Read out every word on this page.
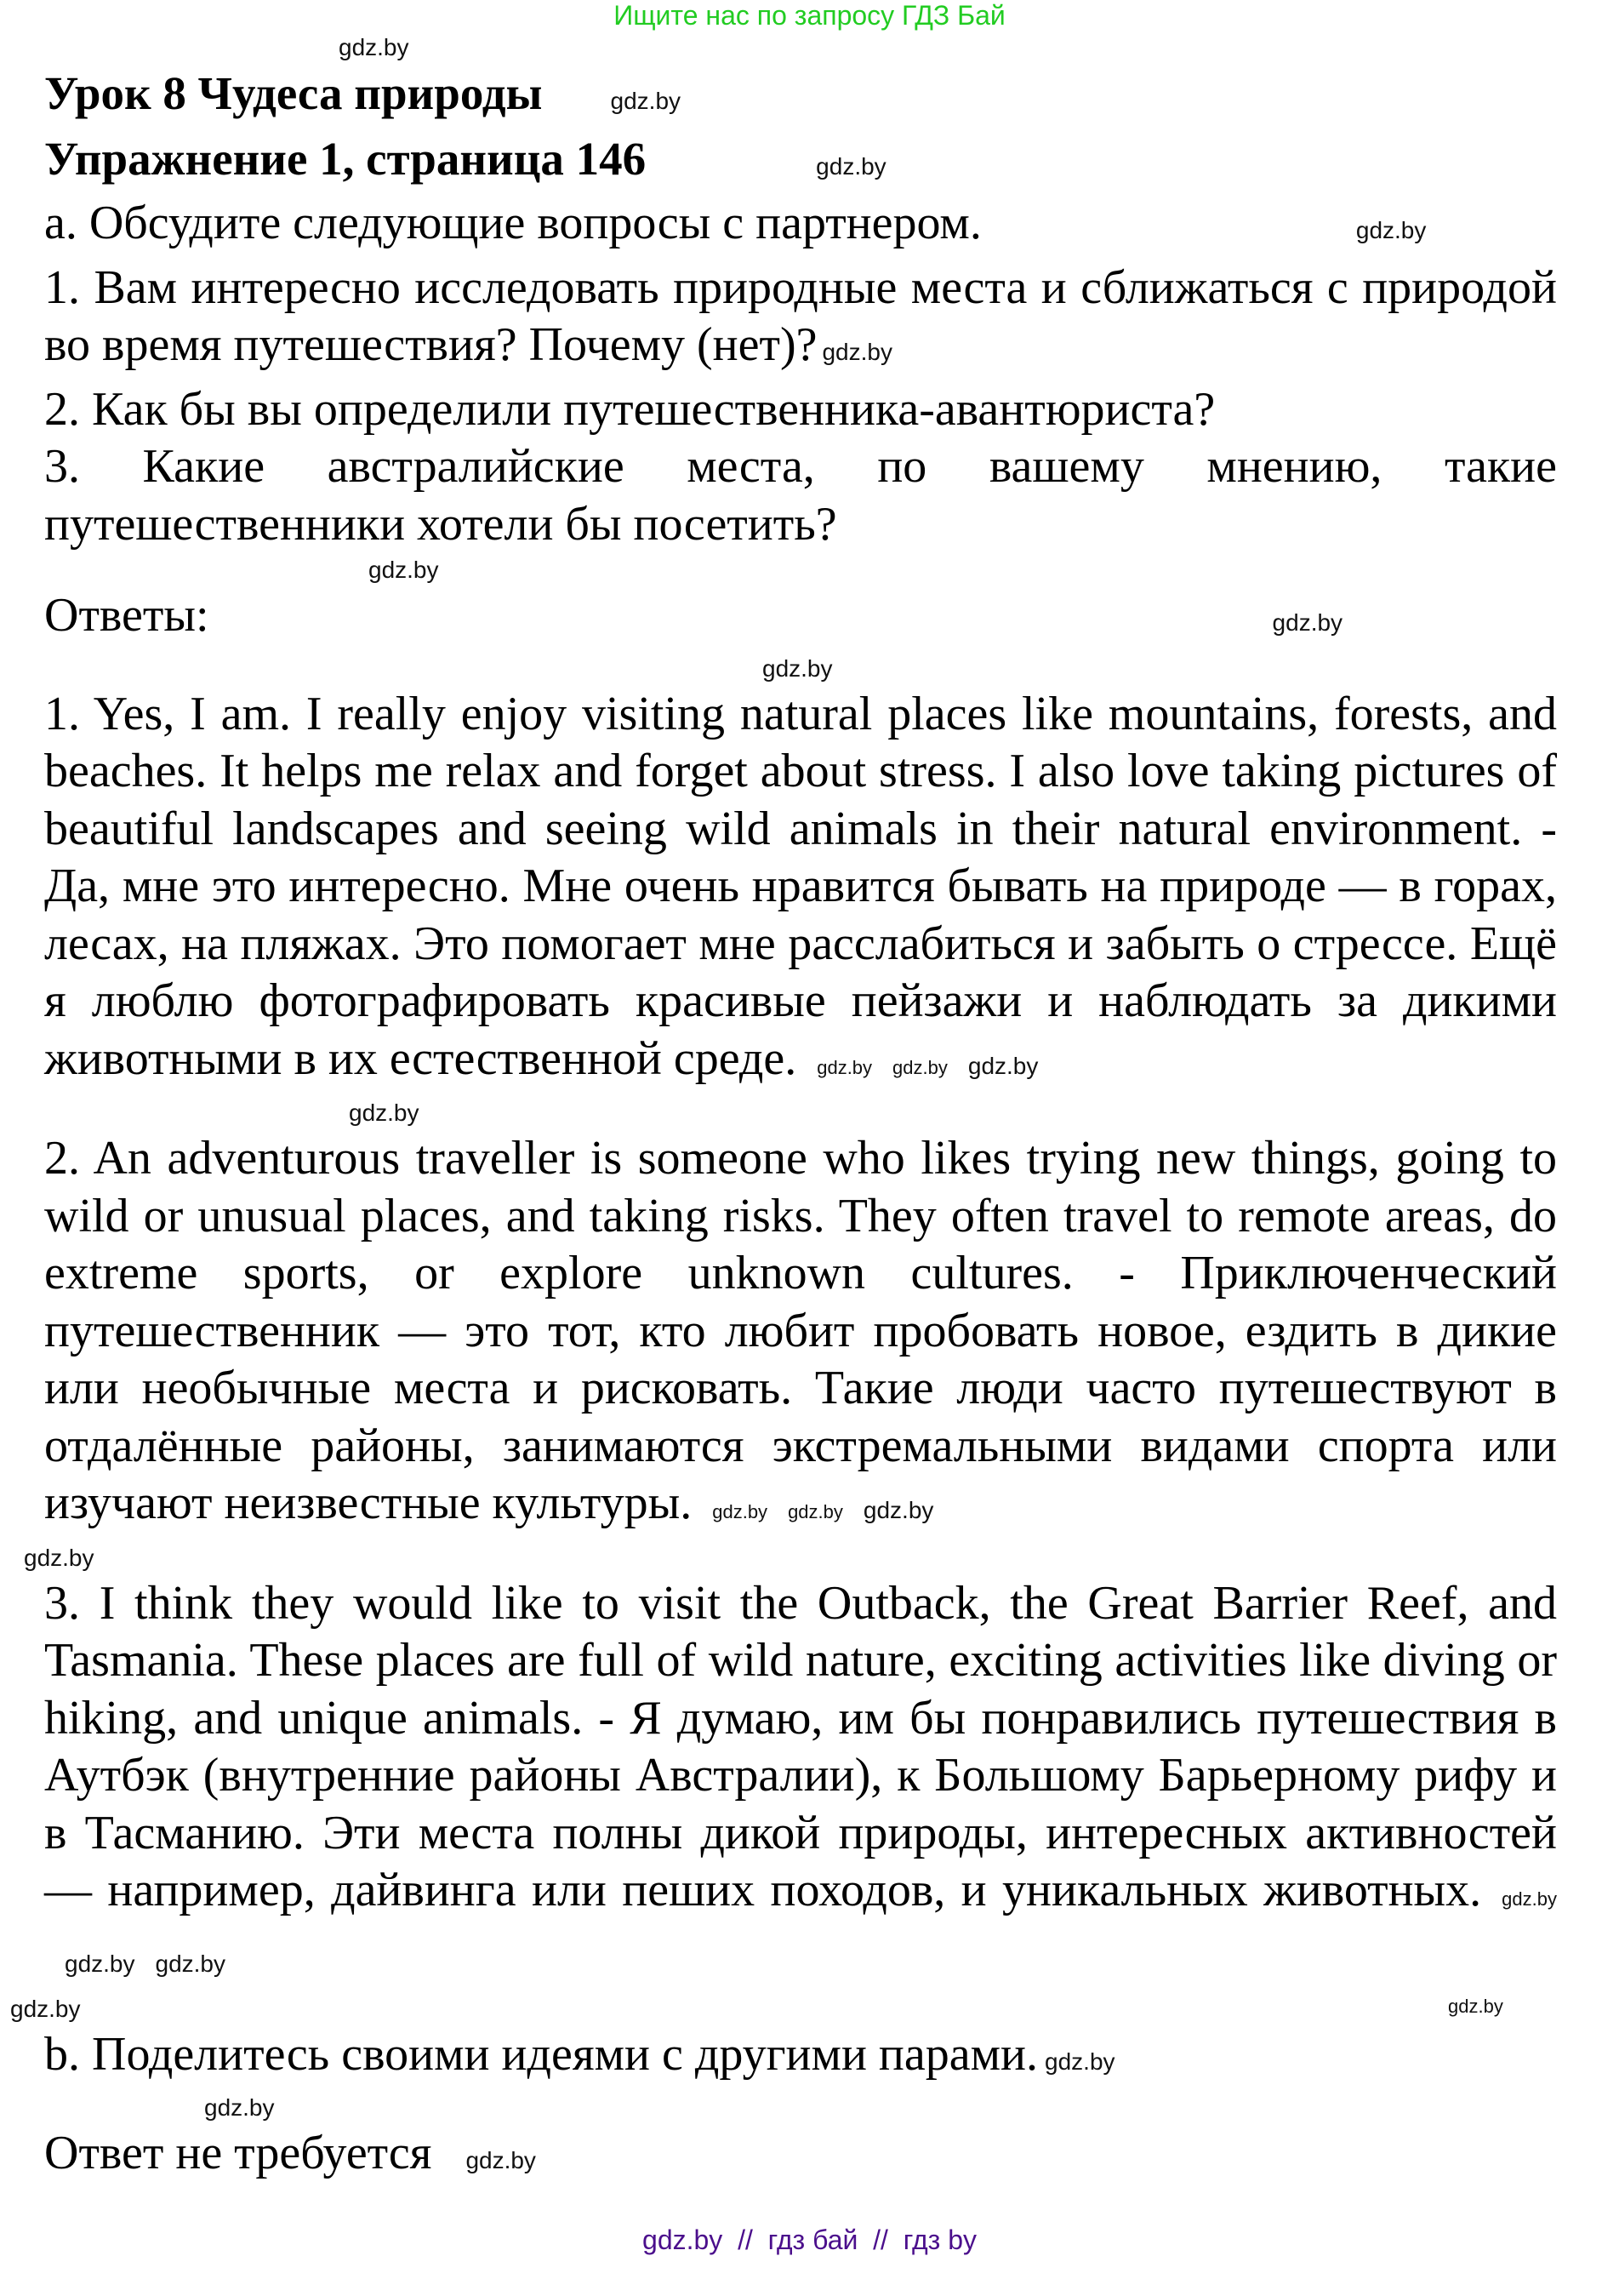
Ищите нас по запросу ГДЗ Бай
gdz.by
Урок 8 Чудеса природы	gdz.by
Упражнение 1, страница 146	gdz.by
а. Обсудите следующие вопросы с партнером.	gdz.by
1. Вам интересно исследовать природные места и сближаться с природой во время путешествия? Почему (нет)? gdz.by
2. Как бы вы определили путешественника-авантюриста?
3. Какие австралийские места, по вашему мнению, такие путешественники хотели бы посетить?
gdz.by
Ответы:	gdz.by
gdz.by
1. Yes, I am. I really enjoy visiting natural places like mountains, forests, and beaches. It helps me relax and forget about stress. I also love taking pictures of beautiful landscapes and seeing wild animals in their natural environment. - Да, мне это интересно. Мне очень нравится бывать на природе — в горах, лесах, на пляжах. Это помогает мне расслабиться и забыть о стрессе. Ещё я люблю фотографировать красивые пейзажи и наблюдать за дикими животными в их естественной среде. gdz.by gdz.by gdz.by
gdz.by
2. An adventurous traveller is someone who likes trying new things, going to wild or unusual places, and taking risks. They often travel to remote areas, do extreme sports, or explore unknown cultures. - Приключенческий путешественник — это тот, кто любит пробовать новое, ездить в дикие или необычные места и рисковать. Такие люди часто путешествуют в отдалённые районы, занимаются экстремальными видами спорта или изучают неизвестные культуры. gdz.by gdz.by gdz.by
gdz.by
3. I think they would like to visit the Outback, the Great Barrier Reef, and Tasmania. These places are full of wild nature, exciting activities like diving or hiking, and unique animals. - Я думаю, им бы понравились путешествия в Аутбэк (внутренние районы Австралии), к Большому Барьерному рифу и в Тасманию. Эти места полны дикой природы, интересных активностей — например, дайвинга или пеших походов, и уникальных животных. gdz.bygdz.by gdz.by
gdz.by	gdz.by
b. Поделитесь своими идеями с другими парами. gdz.by
gdz.by
Ответ не требуется gdz.by
gdz.by  //  гдз бай  //  гдз by
